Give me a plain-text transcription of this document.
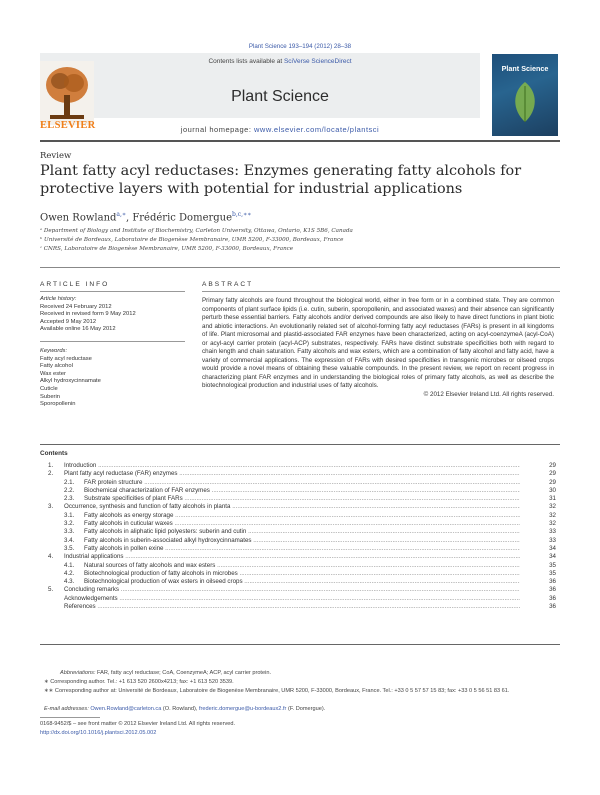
Plant Science 193–194 (2012) 28–38
ELSEVIER
Contents lists available at SciVerse ScienceDirect
Plant Science
journal homepage: www.elsevier.com/locate/plantsci
Plant Science
Review
Plant fatty acyl reductases: Enzymes generating fatty alcohols for protective layers with potential for industrial applications
Owen Rowland$^{a,∗}$, Frédéric Domergue$^{b,c,∗∗}$
ᵃ Department of Biology and Institute of Biochemistry, Carleton University, Ottawa, Ontario, K1S 5B6, Canada
ᵇ Université de Bordeaux, Laboratoire de Biogenèse Membranaire, UMR 5200, F-33000, Bordeaux, France
ᶜ CNRS, Laboratoire de Biogenèse Membranaire, UMR 5200, F-33000, Bordeaux, France
ARTICLE INFO
Article history:
Received 24 February 2012
Received in revised form 9 May 2012
Accepted 9 May 2012
Available online 16 May 2012
Keywords:
Fatty acyl reductase
Fatty alcohol
Wax ester
Alkyl hydroxycinnamate
Cuticle
Suberin
Sporopollenin
ABSTRACT
Primary fatty alcohols are found throughout the biological world, either in free form or in a combined state. They are common components of plant surface lipids (i.e. cutin, suberin, sporopollenin, and associated waxes) and their absence can significantly perturb these essential barriers. Fatty alcohols and/or derived compounds are also likely to have direct functions in plant biotic and abiotic interactions. An evolutionarily related set of alcohol-forming fatty acyl reductases (FARs) is present in all kingdoms of life. Plant microsomal and plastid-associated FAR enzymes have been characterized, acting on acyl-coenzymeA (acyl-CoA) or acyl-acyl carrier protein (acyl-ACP) substrates, respectively. FARs have distinct substrate specificities both with regard to chain length and chain saturation. Fatty alcohols and wax esters, which are a combination of fatty alcohol and fatty acid, have a variety of commercial applications. The expression of FARs with desired specificities in transgenic microbes or oilseed crops would provide a novel means of obtaining these valuable compounds. In the present review, we report on recent progress in characterizing plant FAR enzymes and in understanding the biological roles of primary fatty alcohols, as well as describe the biotechnological production and industrial uses of fatty alcohols.
© 2012 Elsevier Ireland Ltd. All rights reserved.
Contents
1. Introduction .....	29
2. Plant fatty acyl reductase (FAR) enzymes .....	29
2.1. FAR protein structure .....	29
2.2. Biochemical characterization of FAR enzymes .....	30
2.3. Substrate specificities of plant FARs .....	31
3. Occurrence, synthesis and function of fatty alcohols in planta .....	32
3.1. Fatty alcohols as energy storage .....	32
3.2. Fatty alcohols in cuticular waxes .....	32
3.3. Fatty alcohols in aliphatic lipid polyesters: suberin and cutin .....	33
3.4. Fatty alcohols in suberin-associated alkyl hydroxycinnamates .....	33
3.5. Fatty alcohols in pollen exine .....	34
4. Industrial applications .....	34
4.1. Natural sources of fatty alcohols and wax esters .....	35
4.2. Biotechnological production of fatty alcohols in microbes .....	35
4.3. Biotechnological production of wax esters in oilseed crops .....	36
5. Concluding remarks .....	36
Acknowledgements .....	36
References .....	36
Abbreviations: FAR, fatty acyl reductase; CoA, CoenzymeA; ACP, acyl carrier protein.
∗ Corresponding author. Tel.: +1 613 520 2600x4213; fax: +1 613 520 3539.
∗∗ Corresponding author at: Université de Bordeaux, Laboratoire de Biogenèse Membranaire, UMR 5200, F-33000, Bordeaux, France. Tel.: +33 0 5 57 57 15 83; fax: +33 0 5 56 51 83 61.
E-mail addresses: Owen.Rowland@carleton.ca (O. Rowland), frederic.domergue@u-bordeaux2.fr (F. Domergue).
0168-9452/$ – see front matter © 2012 Elsevier Ireland Ltd. All rights reserved.
http://dx.doi.org/10.1016/j.plantsci.2012.05.002
